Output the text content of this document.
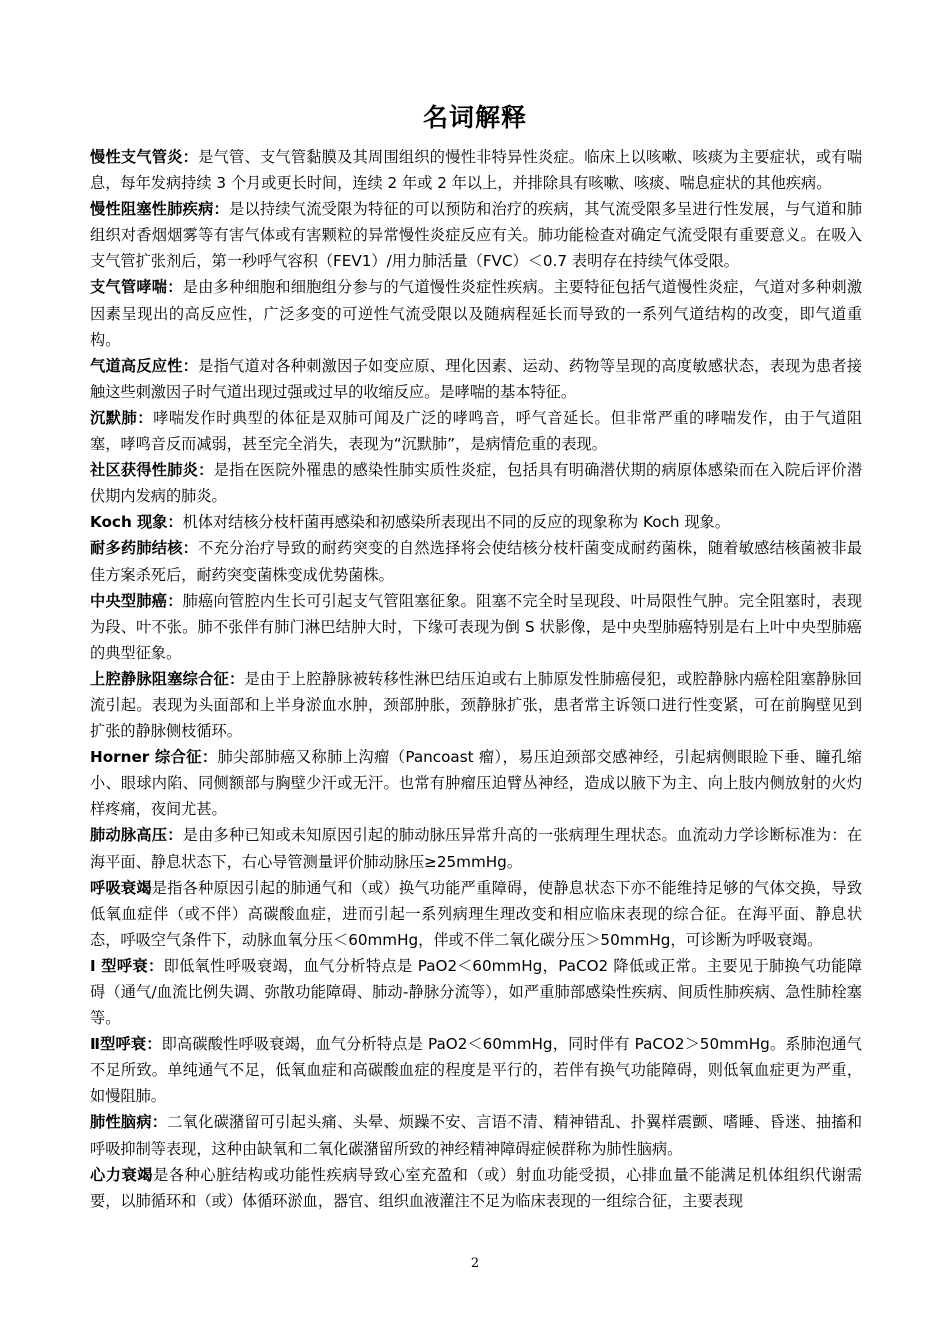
名词解释

慢性支气管炎：是气管、支气管黏膜及其周围组织的慢性非特异性炎症。临床上以咳嗽、咳痰为主要症状，或有喘息，每年发病持续 3 个月或更长时间，连续 2 年或 2 年以上，并排除具有咳嗽、咳痰、喘息症状的其他疾病。

慢性阻塞性肺疾病：是以持续气流受限为特征的可以预防和治疗的疾病，其气流受限多呈进行性发展，与气道和肺组织对香烟烟雾等有害气体或有害颗粒的异常慢性炎症反应有关。肺功能检查对确定气流受限有重要意义。在吸入支气管扩张剂后，第一秒呼气容积（FEV1）/用力肺活量（FVC）＜0.7 表明存在持续气体受限。

支气管哮喘：是由多种细胞和细胞组分参与的气道慢性炎症性疾病。主要特征包括气道慢性炎症，气道对多种刺激因素呈现出的高反应性，广泛多变的可逆性气流受限以及随病程延长而导致的一系列气道结构的改变，即气道重构。

气道高反应性：是指气道对各种刺激因子如变应原、理化因素、运动、药物等呈现的高度敏感状态，表现为患者接触这些刺激因子时气道出现过强或过早的收缩反应。是哮喘的基本特征。

沉默肺：哮喘发作时典型的体征是双肺可闻及广泛的哮鸣音，呼气音延长。但非常严重的哮喘发作，由于气道阻塞，哮鸣音反而减弱，甚至完全消失，表现为“沉默肺”，是病情危重的表现。

社区获得性肺炎：是指在医院外罹患的感染性肺实质性炎症，包括具有明确潜伏期的病原体感染而在入院后评价潜伏期内发病的肺炎。

Koch 现象：机体对结核分枝杆菌再感染和初感染所表现出不同的反应的现象称为 Koch 现象。

耐多药肺结核：不充分治疗导致的耐药突变的自然选择将会使结核分枝杆菌变成耐药菌株，随着敏感结核菌被非最佳方案杀死后，耐药突变菌株变成优势菌株。

中央型肺癌：肺癌向管腔内生长可引起支气管阻塞征象。阻塞不完全时呈现段、叶局限性气肿。完全阻塞时，表现为段、叶不张。肺不张伴有肺门淋巴结肿大时，下缘可表现为倒 S 状影像，是中央型肺癌特别是右上叶中央型肺癌的典型征象。

上腔静脉阻塞综合征：是由于上腔静脉被转移性淋巴结压迫或右上肺原发性肺癌侵犯，或腔静脉内癌栓阻塞静脉回流引起。表现为头面部和上半身淤血水肿，颈部肿胀，颈静脉扩张，患者常主诉领口进行性变紧，可在前胸壁见到扩张的静脉侧枝循环。

Horner 综合征：肺尖部肺癌又称肺上沟瘤（Pancoast 瘤），易压迫颈部交感神经，引起病侧眼睑下垂、瞳孔缩小、眼球内陷、同侧额部与胸壁少汗或无汗。也常有肿瘤压迫臂丛神经，造成以腋下为主、向上肢内侧放射的火灼样疼痛，夜间尤甚。

肺动脉高压：是由多种已知或未知原因引起的肺动脉压异常升高的一张病理生理状态。血流动力学诊断标准为：在海平面、静息状态下，右心导管测量评价肺动脉压≥25mmHg。

呼吸衰竭是指各种原因引起的肺通气和（或）换气功能严重障碍，使静息状态下亦不能维持足够的气体交换，导致低氧血症伴（或不伴）高碳酸血症，进而引起一系列病理生理改变和相应临床表现的综合征。在海平面、静息状态，呼吸空气条件下，动脉血氧分压＜60mmHg，伴或不伴二氧化碳分压＞50mmHg，可诊断为呼吸衰竭。

I 型呼衰：即低氧性呼吸衰竭，血气分析特点是 PaO2＜60mmHg，PaCO2 降低或正常。主要见于肺换气功能障碍（通气/血流比例失调、弥散功能障碍、肺动-静脉分流等），如严重肺部感染性疾病、间质性肺疾病、急性肺栓塞等。

Ⅱ型呼衰：即高碳酸性呼吸衰竭，血气分析特点是 PaO2＜60mmHg，同时伴有 PaCO2＞50mmHg。系肺泡通气不足所致。单纯通气不足，低氧血症和高碳酸血症的程度是平行的，若伴有换气功能障碍，则低氧血症更为严重，如慢阻肺。

肺性脑病：二氧化碳潴留可引起头痛、头晕、烦躁不安、言语不清、精神错乱、扑翼样震颤、嗜睡、昏迷、抽搐和呼吸抑制等表现，这种由缺氧和二氧化碳潴留所致的神经精神障碍症候群称为肺性脑病。

心力衰竭是各种心脏结构或功能性疾病导致心室充盈和（或）射血功能受损，心排血量不能满足机体组织代谢需要，以肺循环和（或）体循环淤血，器官、组织血液灌注不足为临床表现的一组综合征，主要表现

2
